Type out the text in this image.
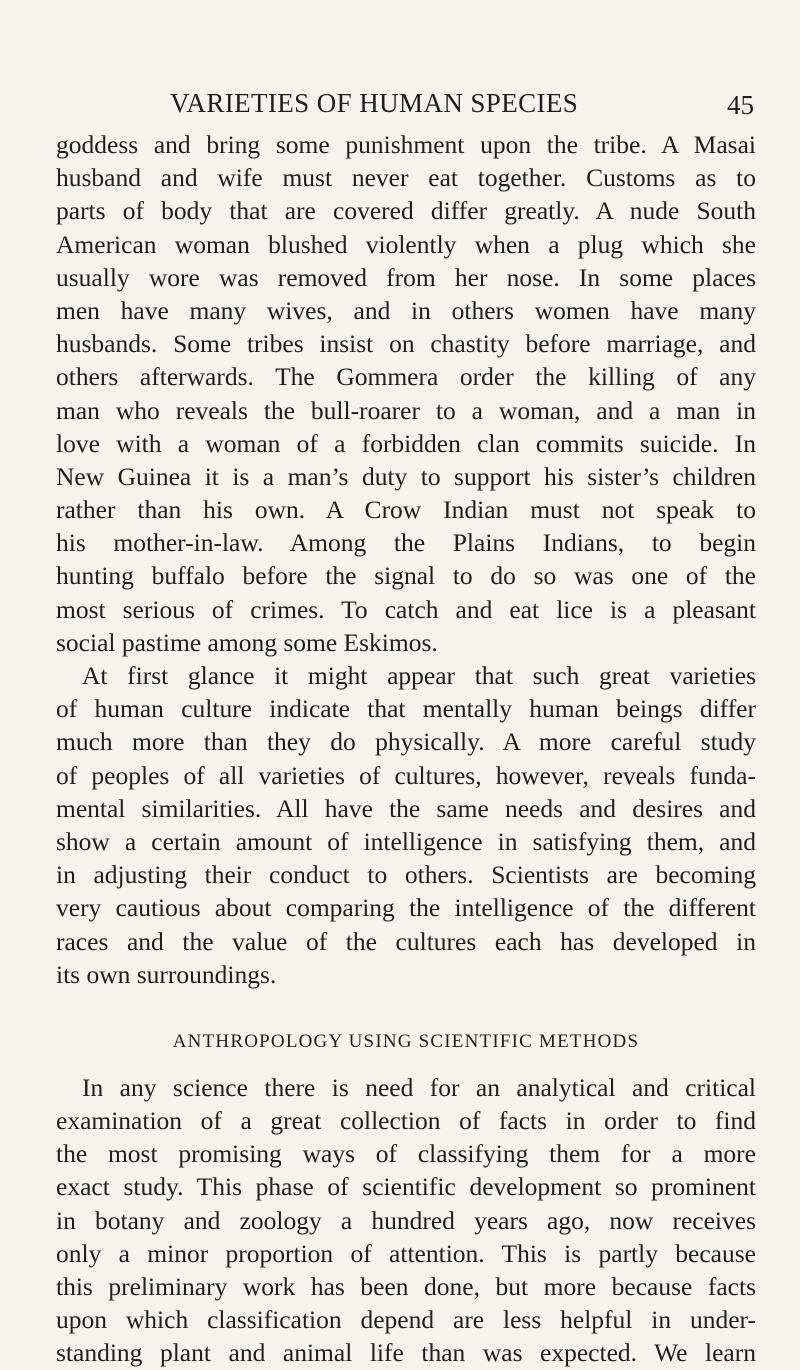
VARIETIES OF HUMAN SPECIES	45
goddess and bring some punishment upon the tribe. A Masai
husband and wife must never eat together. Customs as to
parts of body that are covered differ greatly. A nude South
American woman blushed violently when a plug which she
usually wore was removed from her nose. In some places
men have many wives, and in others women have many
husbands. Some tribes insist on chastity before marriage, and
others afterwards. The Gommera order the killing of any
man who reveals the bull-roarer to a woman, and a man in
love with a woman of a forbidden clan commits suicide. In
New Guinea it is a man’s duty to support his sister’s children
rather than his own. A Crow Indian must not speak to
his mother-in-law. Among the Plains Indians, to begin
hunting buffalo before the signal to do so was one of the
most serious of crimes. To catch and eat lice is a pleasant
social pastime among some Eskimos.
At first glance it might appear that such great varieties
of human culture indicate that mentally human beings differ
much more than they do physically. A more careful study
of peoples of all varieties of cultures, however, reveals funda-
mental similarities. All have the same needs and desires and
show a certain amount of intelligence in satisfying them, and
in adjusting their conduct to others. Scientists are becoming
very cautious about comparing the intelligence of the different
races and the value of the cultures each has developed in
its own surroundings.
ANTHROPOLOGY USING SCIENTIFIC METHODS
In any science there is need for an analytical and critical
examination of a great collection of facts in order to find
the most promising ways of classifying them for a more
exact study. This phase of scientific development so prominent
in botany and zoology a hundred years ago, now receives
only a minor proportion of attention. This is partly because
this preliminary work has been done, but more because facts
upon which classification depend are less helpful in under-
standing plant and animal life than was expected. We learn
